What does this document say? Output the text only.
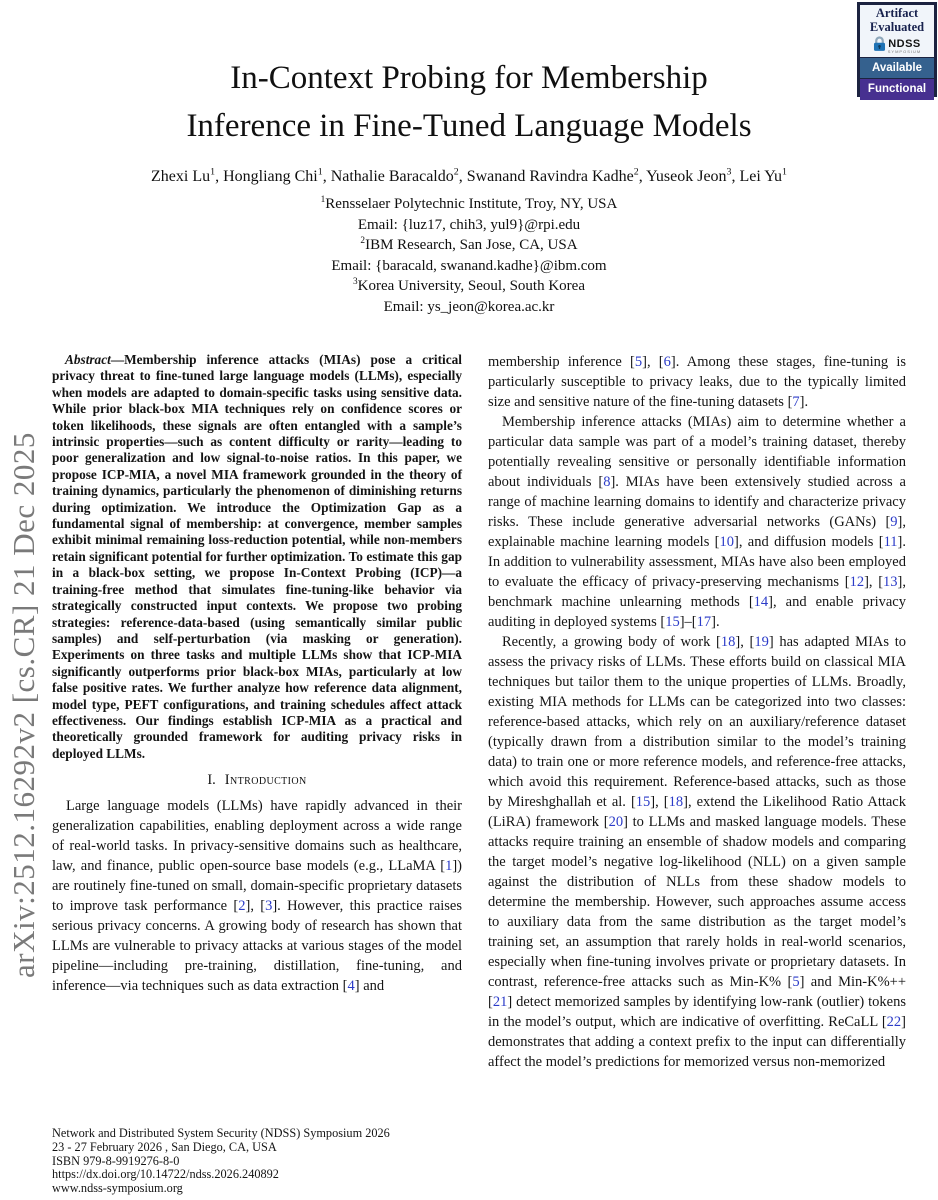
arXiv:2512.16292v2 [cs.CR] 21 Dec 2025
Artifact
Evaluated
NDSS
SYMPOSIUM
Available
Functional
In-Context Probing for Membership
Inference in Fine-Tuned Language Models
Zhexi Lu$^1$, Hongliang Chi$^1$, Nathalie Baracaldo$^2$, Swanand Ravindra Kadhe$^2$, Yuseok Jeon$^3$, Lei Yu$^1$
$^1$Rensselaer Polytechnic Institute, Troy, NY, USA
Email: {luz17, chih3, yul9}@rpi.edu
$^2$IBM Research, San Jose, CA, USA
Email: {baracald, swanand.kadhe}@ibm.com
$^3$Korea University, Seoul, South Korea
Email: ys_jeon@korea.ac.kr

Abstract—Membership inference attacks (MIAs) pose a critical privacy threat to fine-tuned large language models (LLMs), especially when models are adapted to domain-specific tasks using sensitive data. While prior black-box MIA techniques rely on confidence scores or token likelihoods, these signals are often entangled with a sample’s intrinsic properties—such as content difficulty or rarity—leading to poor generalization and low signal-to-noise ratios. In this paper, we propose ICP-MIA, a novel MIA framework grounded in the theory of training dynamics, particularly the phenomenon of diminishing returns during optimization. We introduce the Optimization Gap as a fundamental signal of membership: at convergence, member samples exhibit minimal remaining loss-reduction potential, while non-members retain significant potential for further optimization. To estimate this gap in a black-box setting, we propose In-Context Probing (ICP)—a training-free method that simulates fine-tuning-like behavior via strategically constructed input contexts. We propose two probing strategies: reference-data-based (using semantically similar public samples) and self-perturbation (via masking or generation). Experiments on three tasks and multiple LLMs show that ICP-MIA significantly outperforms prior black-box MIAs, particularly at low false positive rates. We further analyze how reference data alignment, model type, PEFT configurations, and training schedules affect attack effectiveness. Our findings establish ICP-MIA as a practical and theoretically grounded framework for auditing privacy risks in deployed LLMs.

I. Introduction

Large language models (LLMs) have rapidly advanced in their generalization capabilities, enabling deployment across a wide range of real-world tasks. In privacy-sensitive domains such as healthcare, law, and finance, public open-source base models (e.g., LLaMA [1]) are routinely fine-tuned on small, domain-specific proprietary datasets to improve task performance [2], [3]. However, this practice raises serious privacy concerns. A growing body of research has shown that LLMs are vulnerable to privacy attacks at various stages of the model pipeline—including pre-training, distillation, fine-tuning, and inference—via techniques such as data extraction [4] and

membership inference [5], [6]. Among these stages, fine-tuning is particularly susceptible to privacy leaks, due to the typically limited size and sensitive nature of the fine-tuning datasets [7].

Membership inference attacks (MIAs) aim to determine whether a particular data sample was part of a model’s training dataset, thereby potentially revealing sensitive or personally identifiable information about individuals [8]. MIAs have been extensively studied across a range of machine learning domains to identify and characterize privacy risks. These include generative adversarial networks (GANs) [9], explainable machine learning models [10], and diffusion models [11]. In addition to vulnerability assessment, MIAs have also been employed to evaluate the efficacy of privacy-preserving mechanisms [12], [13], benchmark machine unlearning methods [14], and enable privacy auditing in deployed systems [15]–[17].

Recently, a growing body of work [18], [19] has adapted MIAs to assess the privacy risks of LLMs. These efforts build on classical MIA techniques but tailor them to the unique properties of LLMs. Broadly, existing MIA methods for LLMs can be categorized into two classes: reference-based attacks, which rely on an auxiliary/reference dataset (typically drawn from a distribution similar to the model’s training data) to train one or more reference models, and reference-free attacks, which avoid this requirement. Reference-based attacks, such as those by Mireshghallah et al. [15], [18], extend the Likelihood Ratio Attack (LiRA) framework [20] to LLMs and masked language models. These attacks require training an ensemble of shadow models and comparing the target model’s negative log-likelihood (NLL) on a given sample against the distribution of NLLs from these shadow models to determine the membership. However, such approaches assume access to auxiliary data from the same distribution as the target model’s training set, an assumption that rarely holds in real-world scenarios, especially when fine-tuning involves private or proprietary datasets. In contrast, reference-free attacks such as Min-K% [5] and Min-K%++ [21] detect memorized samples by identifying low-rank (outlier) tokens in the model’s output, which are indicative of overfitting. ReCaLL [22] demonstrates that adding a context prefix to the input can differentially affect the model’s predictions for memorized versus non-memorized

Network and Distributed System Security (NDSS) Symposium 2026
23 - 27 February 2026 , San Diego, CA, USA
ISBN 979-8-9919276-8-0
https://dx.doi.org/10.14722/ndss.2026.240892
www.ndss-symposium.org
